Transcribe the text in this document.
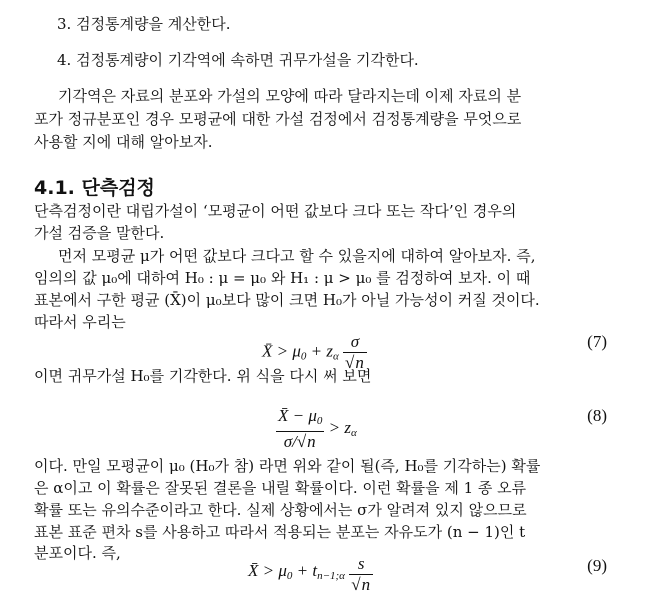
3. 검정통계량을 계산한다.
4. 검정통계량이 기각역에 속하면 귀무가설을 기각한다.
기각역은 자료의 분포와 가설의 모양에 따라 달라지는데 이제 자료의 분
포가 정규분포인 경우 모평균에 대한 가설 검정에서 검정통계량을 무엇으로
사용할 지에 대해 알아보자.
4.1. 단측검정
단측검정이란 대립가설이 ‘모평균이 어떤 값보다 크다 또는 작다’인 경우의
가설 검증을 말한다.
먼저 모평균 μ가 어떤 값보다 크다고 할 수 있을지에 대하여 알아보자. 즉,
임의의 값 μ₀에 대하여 H₀ : μ = μ₀ 와 H₁ : μ > μ₀ 를 검정하여 보자. 이 때
표본에서 구한 평균 (X̄)이 μ₀보다 많이 크면 H₀가 아닐 가능성이 커질 것이다.
따라서 우리는
X̄ > $\mu_0 + z_\alpha \frac{\sigma}{√n}$	(7)
이면 귀무가설 H₀를 기각한다. 위 식을 다시 써 보면
$\frac{X̄ - \mu_0}{\sigma/√n} > z_\alpha$
(8)
이다. 만일 모평균이 μ₀ (H₀가 참) 라면 위와 같이 될(즉, H₀를 기각하는) 확률
은 α이고 이 확률은 잘못된 결론을 내릴 확률이다. 이런 확률을 제 1 종 오류
확률 또는 유의수준이라고 한다. 실제 상황에서는 σ가 알려져 있지 않으므로
표본 표준 편차 s를 사용하고 따라서 적용되는 분포는 자유도가 (n − 1)인 t
분포이다. 즉,
X̄ > $\mu_0 + t_{n-1;\alpha} \frac{s}{√n}$	(9)
